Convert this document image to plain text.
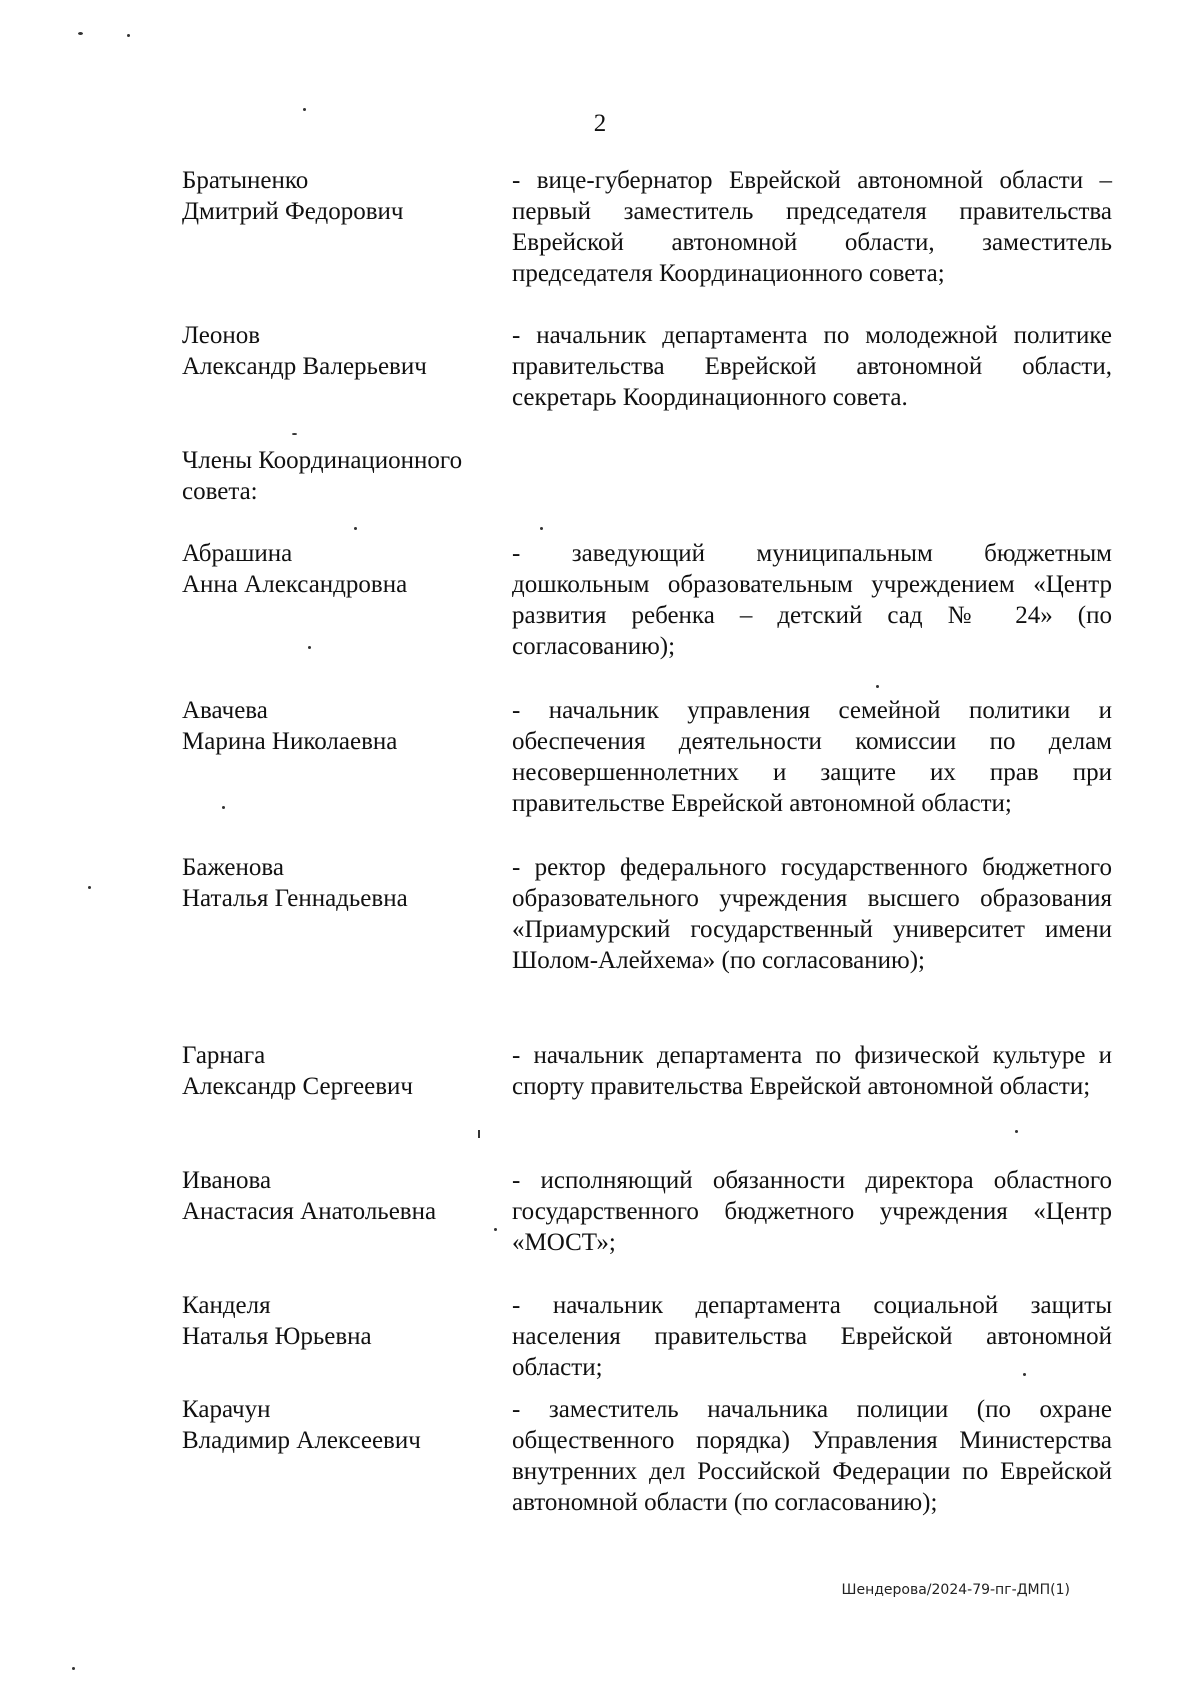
2
Братыненко
Дмитрий Федорович
- вице-губернатор Еврейской автономной области – первый заместитель председателя правительства Еврейской автономной области, заместитель председателя Координационного совета;
Леонов
Александр Валерьевич
- начальник департамента по молодежной политике правительства Еврейской автономной области, секретарь Координационного совета.
Члены Координационного
совета:
Абрашина
Анна Александровна
- заведующий муниципальным бюджетным дошкольным образовательным учреждением «Центр развития ребенка – детский сад № 24» (по согласованию);
Авачева
Марина Николаевна
- начальник управления семейной политики и обеспечения деятельности комиссии по делам несовершеннолетних и защите их прав при правительстве Еврейской автономной области;
Баженова
Наталья Геннадьевна
- ректор федерального государственного бюджетного образовательного учреждения высшего образования «Приамурский государственный университет имени Шолом-Алейхема» (по согласованию);
Гарнага
Александр Сергеевич
- начальник департамента по физической культуре и спорту правительства Еврейской автономной области;
Иванова
Анастасия Анатольевна
- исполняющий обязанности директора областного государственного бюджетного учреждения «Центр «МОСТ»;
Канделя
Наталья Юрьевна
- начальник департамента социальной защиты населения правительства Еврейской автономной области;
Карачун
Владимир Алексеевич
- заместитель начальника полиции (по охране общественного порядка) Управления Министерства внутренних дел Российской Федерации по Еврейской автономной области (по согласованию);
Шендерова/2024-79-пг-ДМП(1)
